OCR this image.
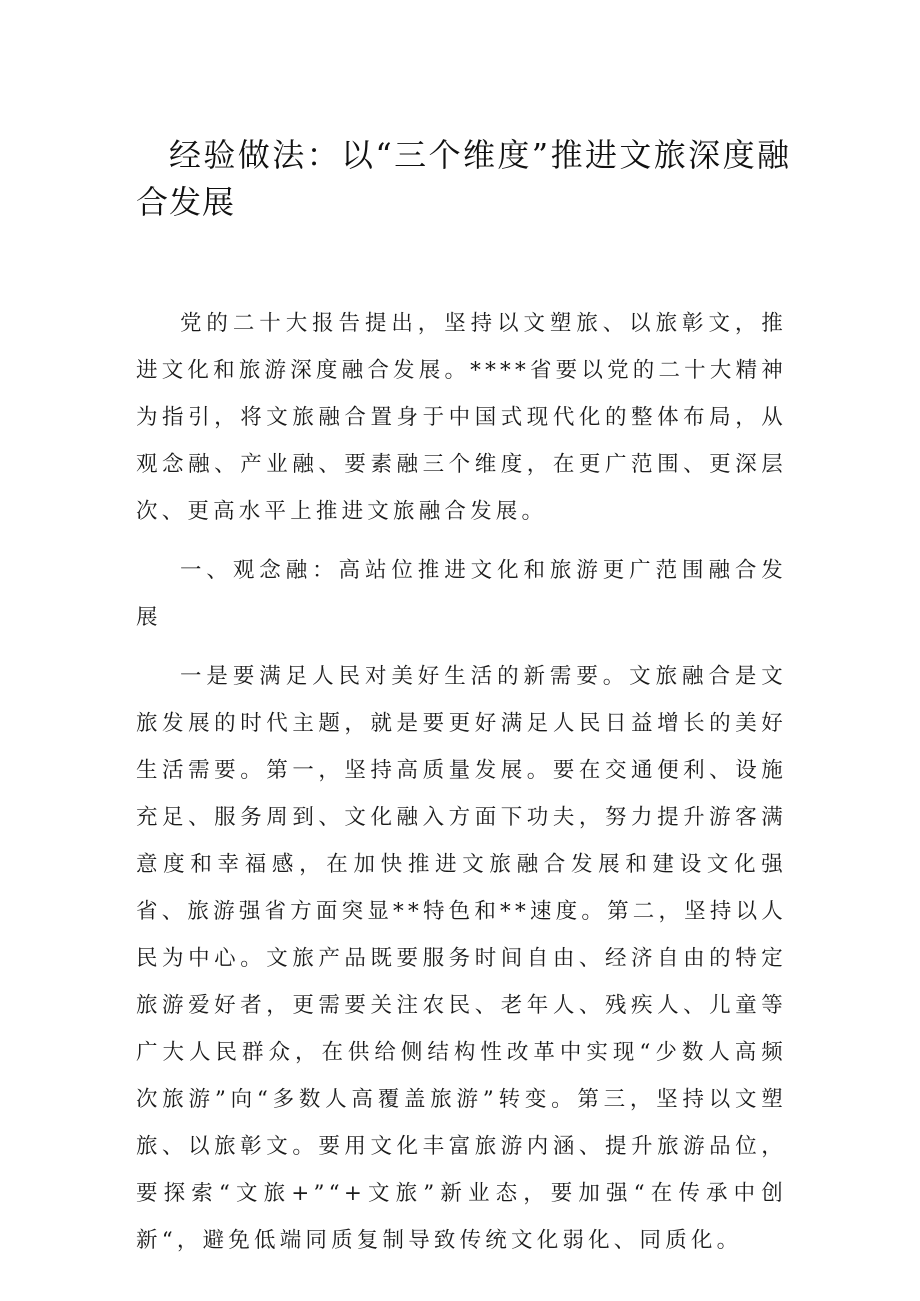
经验做法：以“三个维度”推进文旅深度融合发展

党的二十大报告提出，坚持以文塑旅、以旅彰文，推进文化和旅游深度融合发展。****省要以党的二十大精神为指引，将文旅融合置身于中国式现代化的整体布局，从观念融、产业融、要素融三个维度，在更广范围、更深层次、更高水平上推进文旅融合发展。

一、观念融：高站位推进文化和旅游更广范围融合发展

一是要满足人民对美好生活的新需要。文旅融合是文旅发展的时代主题，就是要更好满足人民日益增长的美好生活需要。第一，坚持高质量发展。要在交通便利、设施充足、服务周到、文化融入方面下功夫，努力提升游客满意度和幸福感，在加快推进文旅融合发展和建设文化强省、旅游强省方面突显**特色和**速度。第二，坚持以人民为中心。文旅产品既要服务时间自由、经济自由的特定旅游爱好者，更需要关注农民、老年人、残疾人、儿童等广大人民群众，在供给侧结构性改革中实现“少数人高频次旅游”向“多数人高覆盖旅游”转变。第三，坚持以文塑旅、以旅彰文。要用文化丰富旅游内涵、提升旅游品位，要探索“文旅+”“+文旅”新业态，要加强“在传承中创新“，避免低端同质复制导致传统文化弱化、同质化。
